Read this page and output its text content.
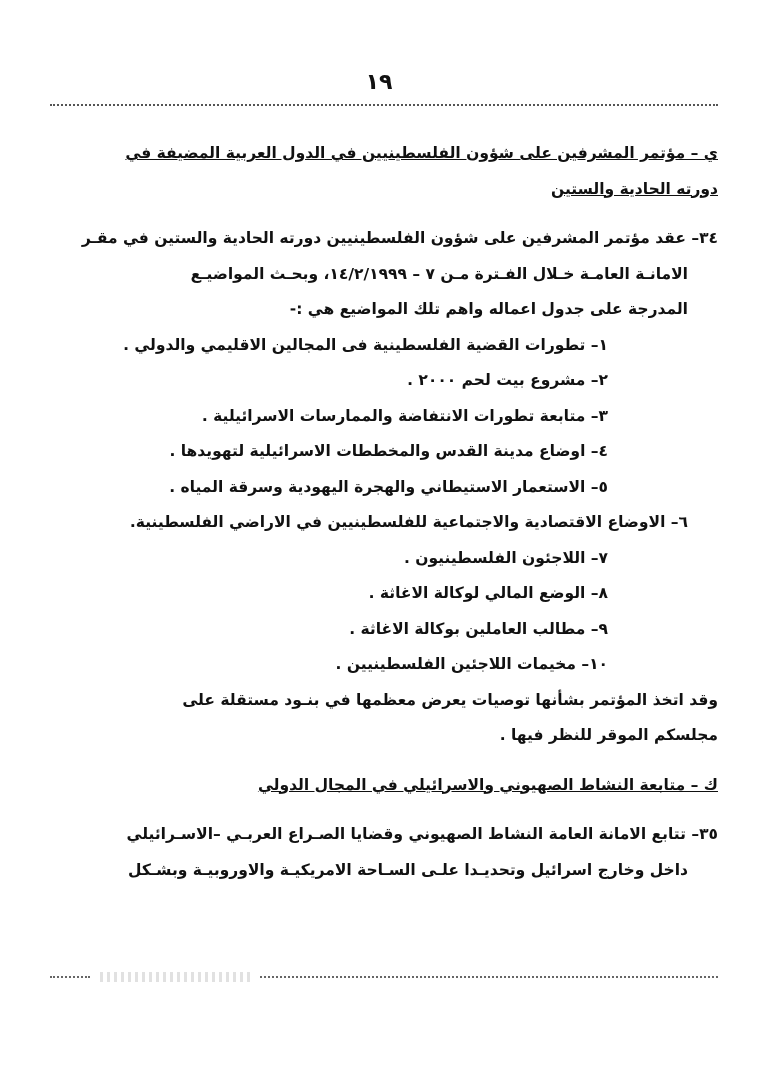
١٩

ي – مؤتمر المشرفين على شؤون الفلسطينيين في الدول العربية المضيفة في

دورته الحادية والستين

٣٤– عقد مؤتمر المشرفين على شؤون الفلسطينيين دورته الحادية والستين في مقـر

الامانـة العامـة خـلال الفـترة مـن ٧ – ١٤/٢/١٩٩٩، وبحـث المواضيـع

المدرجة على جدول اعماله واهم تلك المواضيع هي :-

١– تطورات القضية الفلسطينية فى المجالين الاقليمي والدولي .

٢– مشروع بيت لحم ٢٠٠٠ .

٣– متابعة تطورات الانتفاضة والممارسات الاسرائيلية .

٤– اوضاع مدينة القدس والمخططات الاسرائيلية لتهويدها .

٥– الاستعمار الاستيطاني والهجرة اليهودية وسرقة المياه .

٦– الاوضاع الاقتصادية والاجتماعية للفلسطينيين في الاراضي الفلسطينية.

٧– اللاجئون الفلسطينيون .

٨– الوضع المالي لوكالة الاغاثة .

٩– مطالب العاملين بوكالة الاغاثة .

١٠– مخيمات اللاجئين الفلسطينيين .

وقد اتخذ المؤتمر بشأنها توصيات يعرض معظمها في بنـود مستقلة على

مجلسكم الموقر للنظر فيها .

ك – متابعة النشاط الصهيوني والاسرائيلي في المجال الدولي

٣٥– تتابع الامانة العامة النشاط الصهيوني وقضايا الصـراع العربـي –الاسـرائيلي

داخل وخارج اسرائيل وتحديـدا علـى السـاحة الامريكيـة والاوروبيـة وبشـكل
